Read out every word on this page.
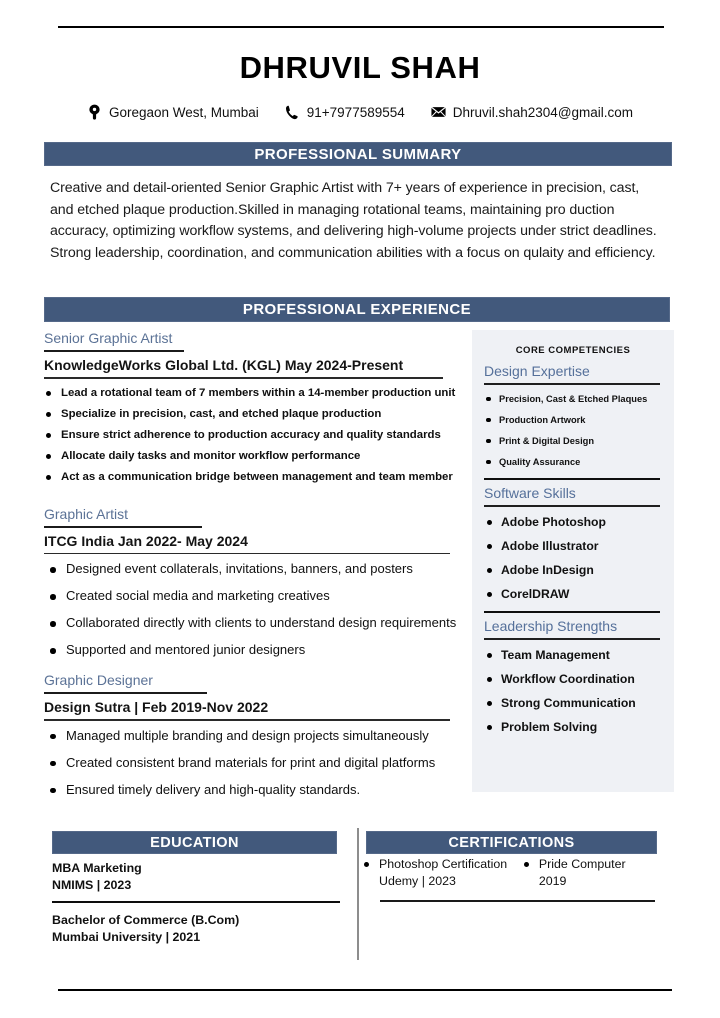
DHRUVIL SHAH
Goregaon West, Mumbai	91+7977589554	Dhruvil.shah2304@gmail.com
PROFESSIONAL SUMMARY
Creative and detail-oriented Senior Graphic Artist with 7+ years of experience in precision, cast, and etched plaque production.Skilled in managing rotational teams, maintaining pro duction accuracy, optimizing workflow systems, and delivering high-volume projects under strict deadlines. Strong leadership, coordination, and communication abilities with a focus on qulaity and efficiency.
PROFESSIONAL EXPERIENCE
Senior Graphic Artist
KnowledgeWorks Global Ltd. (KGL) May 2024-Present
Lead a rotational team of 7 members within a 14-member production unit
Specialize in precision, cast, and etched plaque production
Ensure strict adherence to production accuracy and quality standards
Allocate daily tasks and monitor workflow performance
Act as a communication bridge between management and team member
Graphic Artist
ITCG India Jan 2022- May 2024
Designed event collaterals, invitations, banners, and posters
Created social media and marketing creatives
Collaborated directly with clients to understand design requirements
Supported and mentored junior designers
Graphic Designer
Design Sutra | Feb 2019-Nov 2022
Managed multiple branding and design projects simultaneously
Created consistent brand materials for print and digital platforms
Ensured timely delivery and high-quality standards.
CORE COMPETENCIES
Design Expertise
Precision, Cast & Etched Plaques
Production Artwork
Print & Digital Design
Quality Assurance
Software Skills
Adobe Photoshop
Adobe Illustrator
Adobe InDesign
CorelDRAW
Leadership Strengths
Team Management
Workflow Coordination
Strong Communication
Problem Solving
EDUCATION
MBA Marketing
NMIMS | 2023
Bachelor of Commerce (B.Com)
Mumbai University | 2021
CERTIFICATIONS
Photoshop Certification
Udemy | 2023
Pride Computer
2019
